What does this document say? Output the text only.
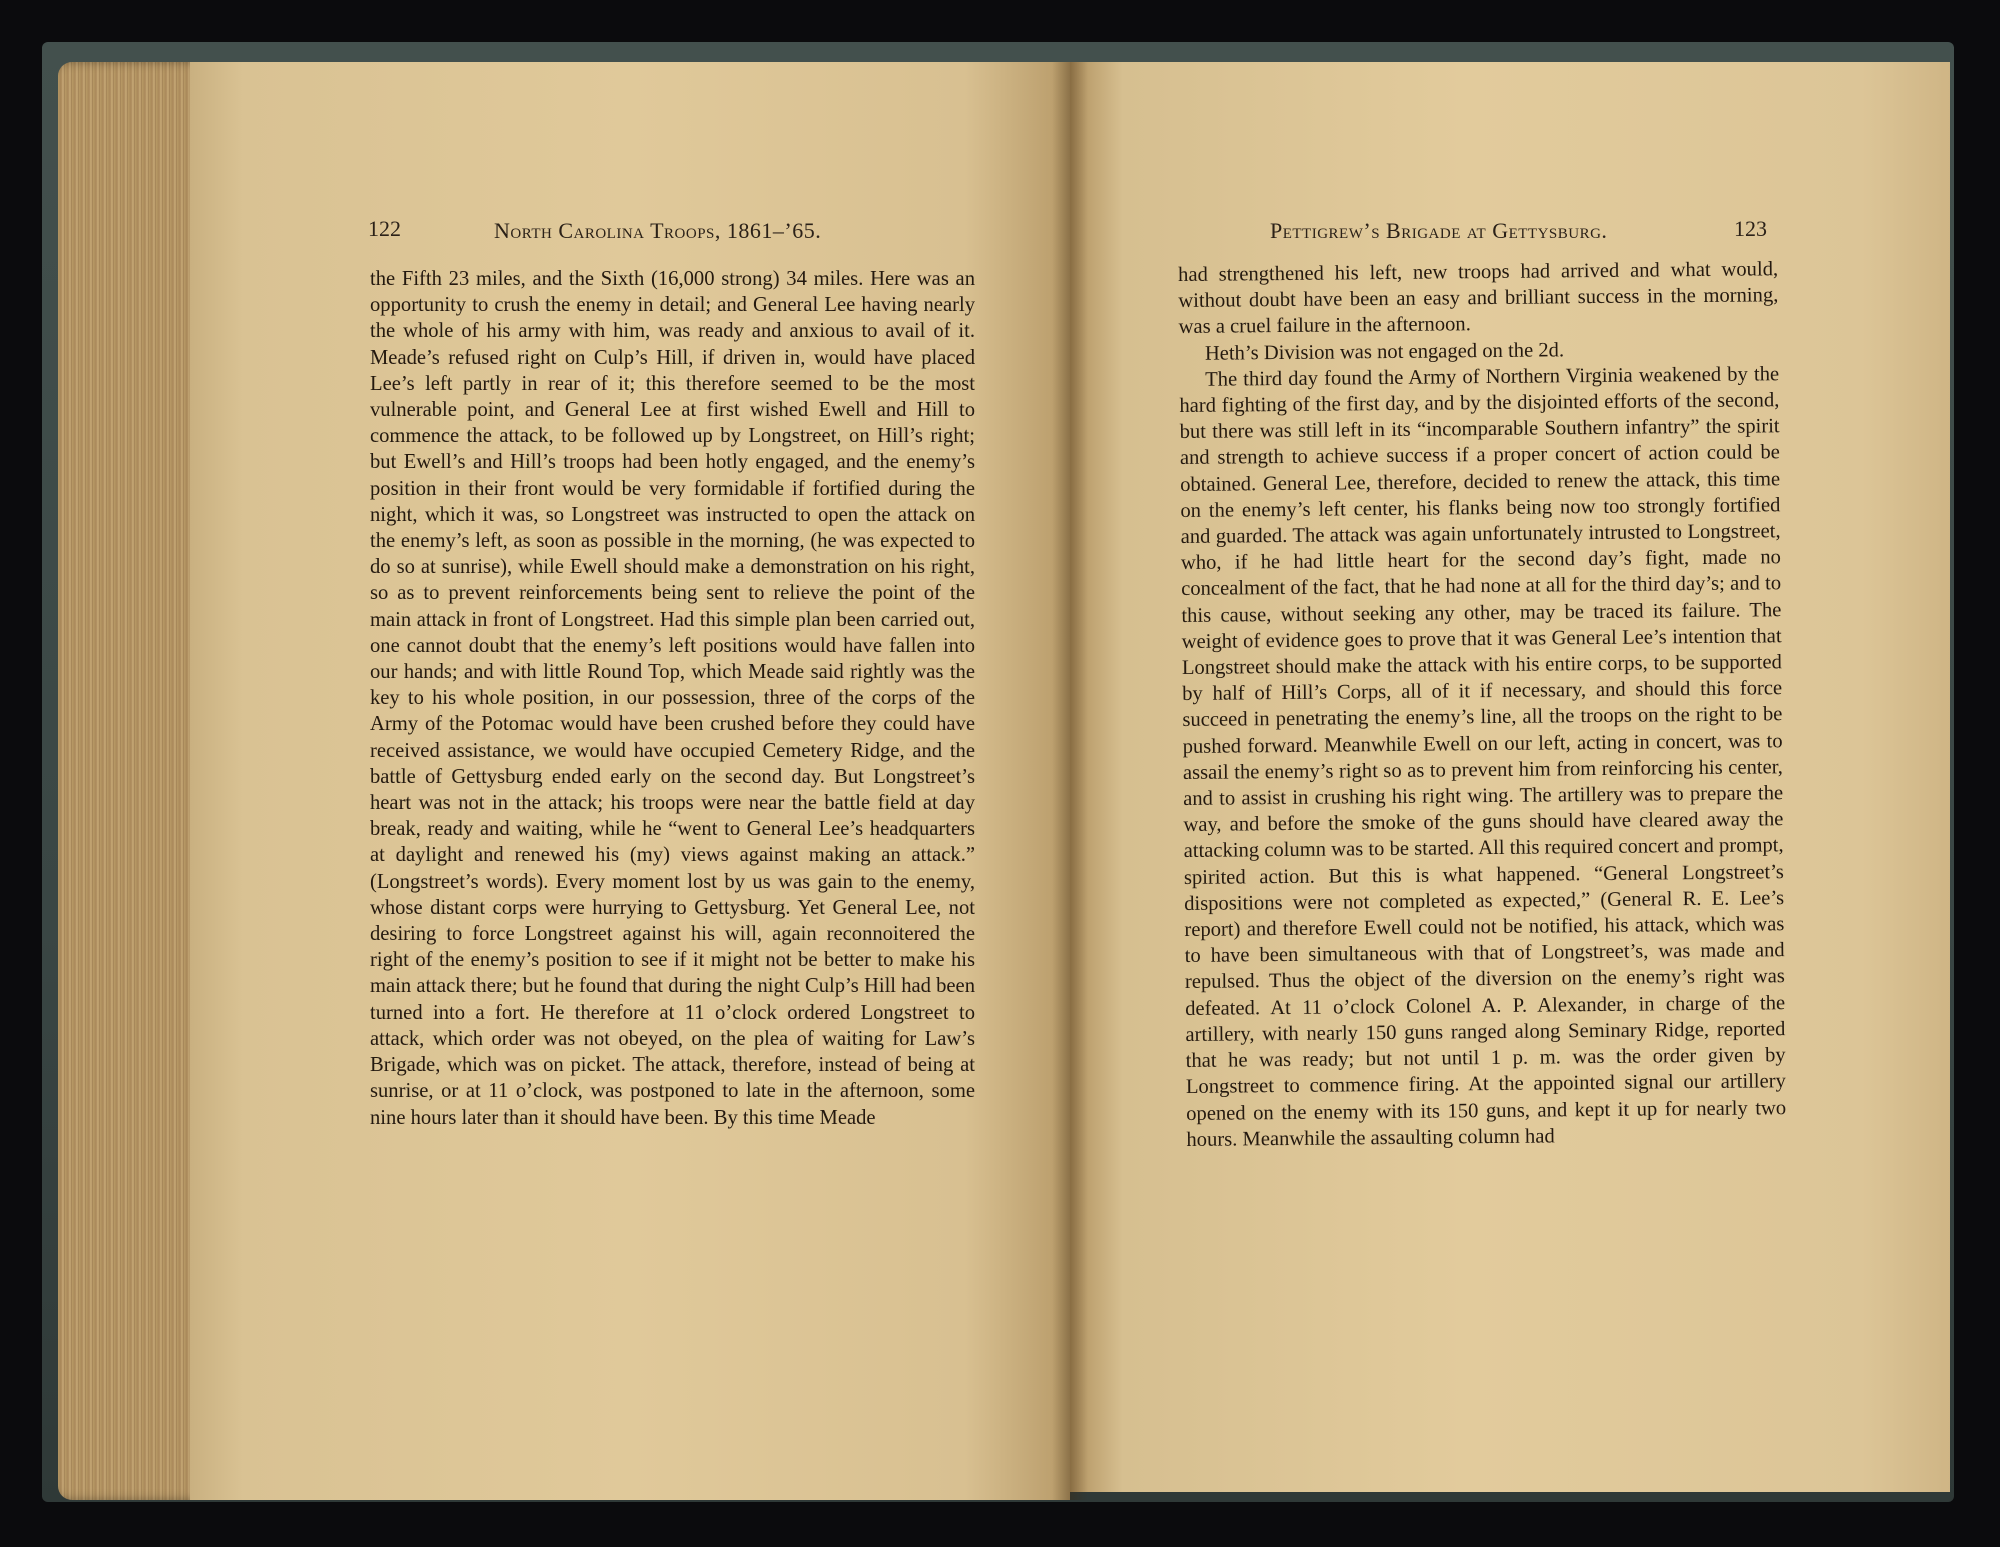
122	North Carolina Troops, 1861–’65.	Pettigrew’s Brigade at Gettysburg.	123

the Fifth 23 miles, and the Sixth (16,000 strong) 34 miles. Here was an opportunity to crush the enemy in detail; and General Lee having nearly the whole of his army with him, was ready and anxious to avail of it. Meade’s refused right on Culp’s Hill, if driven in, would have placed Lee’s left partly in rear of it; this therefore seemed to be the most vulnerable point, and General Lee at first wished Ewell and Hill to commence the attack, to be followed up by Longstreet, on Hill’s right; but Ewell’s and Hill’s troops had been hotly engaged, and the enemy’s position in their front would be very formidable if fortified during the night, which it was, so Longstreet was instructed to open the attack on the enemy’s left, as soon as possible in the morning, (he was expected to do so at sunrise), while Ewell should make a demonstration on his right, so as to prevent reinforcements being sent to relieve the point of the main attack in front of Longstreet. Had this simple plan been carried out, one cannot doubt that the enemy’s left positions would have fallen into our hands; and with little Round Top, which Meade said rightly was the key to his whole position, in our possession, three of the corps of the Army of the Potomac would have been crushed before they could have received assistance, we would have occupied Cemetery Ridge, and the battle of Gettysburg ended early on the second day. But Longstreet’s heart was not in the attack; his troops were near the battle field at day break, ready and waiting, while he “went to General Lee’s headquarters at daylight and renewed his (my) views against making an attack.” (Longstreet’s words). Every moment lost by us was gain to the enemy, whose distant corps were hurrying to Gettysburg. Yet General Lee, not desiring to force Longstreet against his will, again reconnoitered the right of the enemy’s position to see if it might not be better to make his main attack there; but he found that during the night Culp’s Hill had been turned into a fort. He therefore at 11 o’clock ordered Longstreet to attack, which order was not obeyed, on the plea of waiting for Law’s Brigade, which was on picket. The attack, therefore, instead of being at sunrise, or at 11 o’clock, was postponed to late in the afternoon, some nine hours later than it should have been. By this time Meade

had strengthened his left, new troops had arrived and what would, without doubt have been an easy and brilliant success in the morning, was a cruel failure in the afternoon.

Heth’s Division was not engaged on the 2d.

The third day found the Army of Northern Virginia weakened by the hard fighting of the first day, and by the disjointed efforts of the second, but there was still left in its “incomparable Southern infantry” the spirit and strength to achieve success if a proper concert of action could be obtained. General Lee, therefore, decided to renew the attack, this time on the enemy’s left center, his flanks being now too strongly fortified and guarded. The attack was again unfortunately intrusted to Longstreet, who, if he had little heart for the second day’s fight, made no concealment of the fact, that he had none at all for the third day’s; and to this cause, without seeking any other, may be traced its failure. The weight of evidence goes to prove that it was General Lee’s intention that Longstreet should make the attack with his entire corps, to be supported by half of Hill’s Corps, all of it if necessary, and should this force succeed in penetrating the enemy’s line, all the troops on the right to be pushed forward. Meanwhile Ewell on our left, acting in concert, was to assail the enemy’s right so as to prevent him from reinforcing his center, and to assist in crushing his right wing. The artillery was to prepare the way, and before the smoke of the guns should have cleared away the attacking column was to be started. All this required concert and prompt, spirited action. But this is what happened. “General Longstreet’s dispositions were not completed as expected,” (General R. E. Lee’s report) and therefore Ewell could not be notified, his attack, which was to have been simultaneous with that of Longstreet’s, was made and repulsed. Thus the object of the diversion on the enemy’s right was defeated. At 11 o’clock Colonel A. P. Alexander, in charge of the artillery, with nearly 150 guns ranged along Seminary Ridge, reported that he was ready; but not until 1 p. m. was the order given by Longstreet to commence firing. At the appointed signal our artillery opened on the enemy with its 150 guns, and kept it up for nearly two hours. Meanwhile the assaulting column had
